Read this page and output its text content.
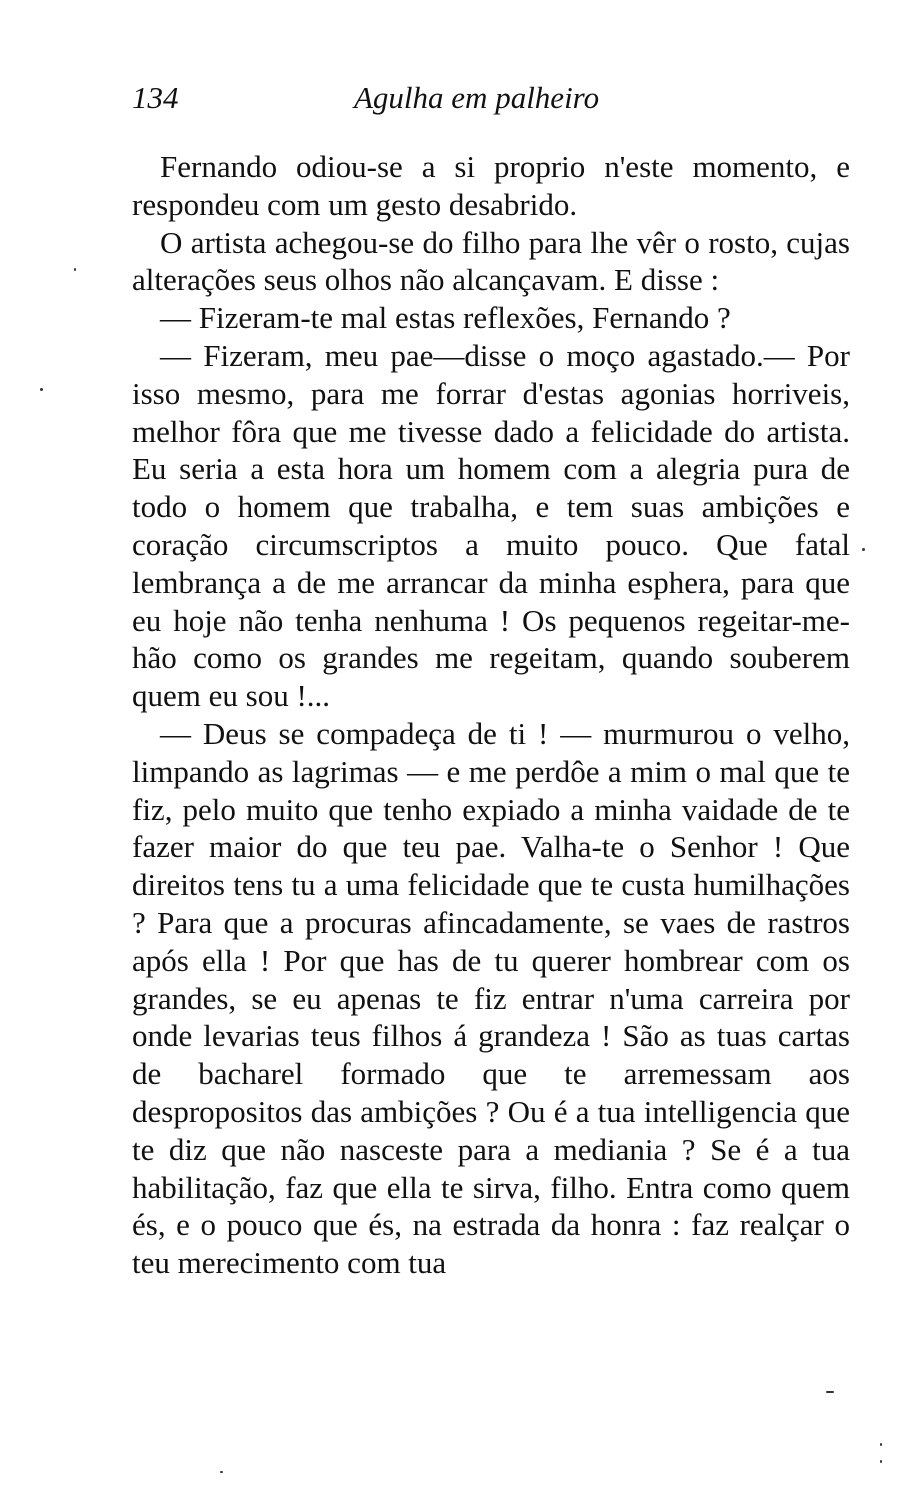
134	Agulha em palheiro

Fernando odiou-se a si proprio n'este momento, e respondeu com um gesto desabrido.

O artista achegou-se do filho para lhe vêr o rosto, cujas alterações seus olhos não alcançavam. E disse :

— Fizeram-te mal estas reflexões, Fernando ?

— Fizeram, meu pae—disse o moço agastado.— Por isso mesmo, para me forrar d'estas agonias horriveis, melhor fôra que me tivesse dado a felicidade do artista. Eu seria a esta hora um homem com a alegria pura de todo o homem que trabalha, e tem suas ambições e coração circumscriptos a muito pouco. Que fatal lembrança a de me arrancar da minha esphera, para que eu hoje não tenha nenhuma ! Os pequenos regeitar-me-hão como os grandes me regeitam, quando souberem quem eu sou !...

— Deus se compadeça de ti ! — murmurou o velho, limpando as lagrimas — e me perdôe a mim o mal que te fiz, pelo muito que tenho expiado a minha vaidade de te fazer maior do que teu pae. Valha-te o Senhor ! Que direitos tens tu a uma felicidade que te custa humilhações ? Para que a procuras afincadamente, se vaes de rastros após ella ! Por que has de tu querer hombrear com os grandes, se eu apenas te fiz entrar n'uma carreira por onde levarias teus filhos á grandeza ! São as tuas cartas de bacharel formado que te arremessam aos despropositos das ambições ? Ou é a tua intelligencia que te diz que não nasceste para a mediania ? Se é a tua habilitação, faz que ella te sirva, filho. Entra como quem és, e o pouco que és, na estrada da honra : faz realçar o teu merecimento com tua
